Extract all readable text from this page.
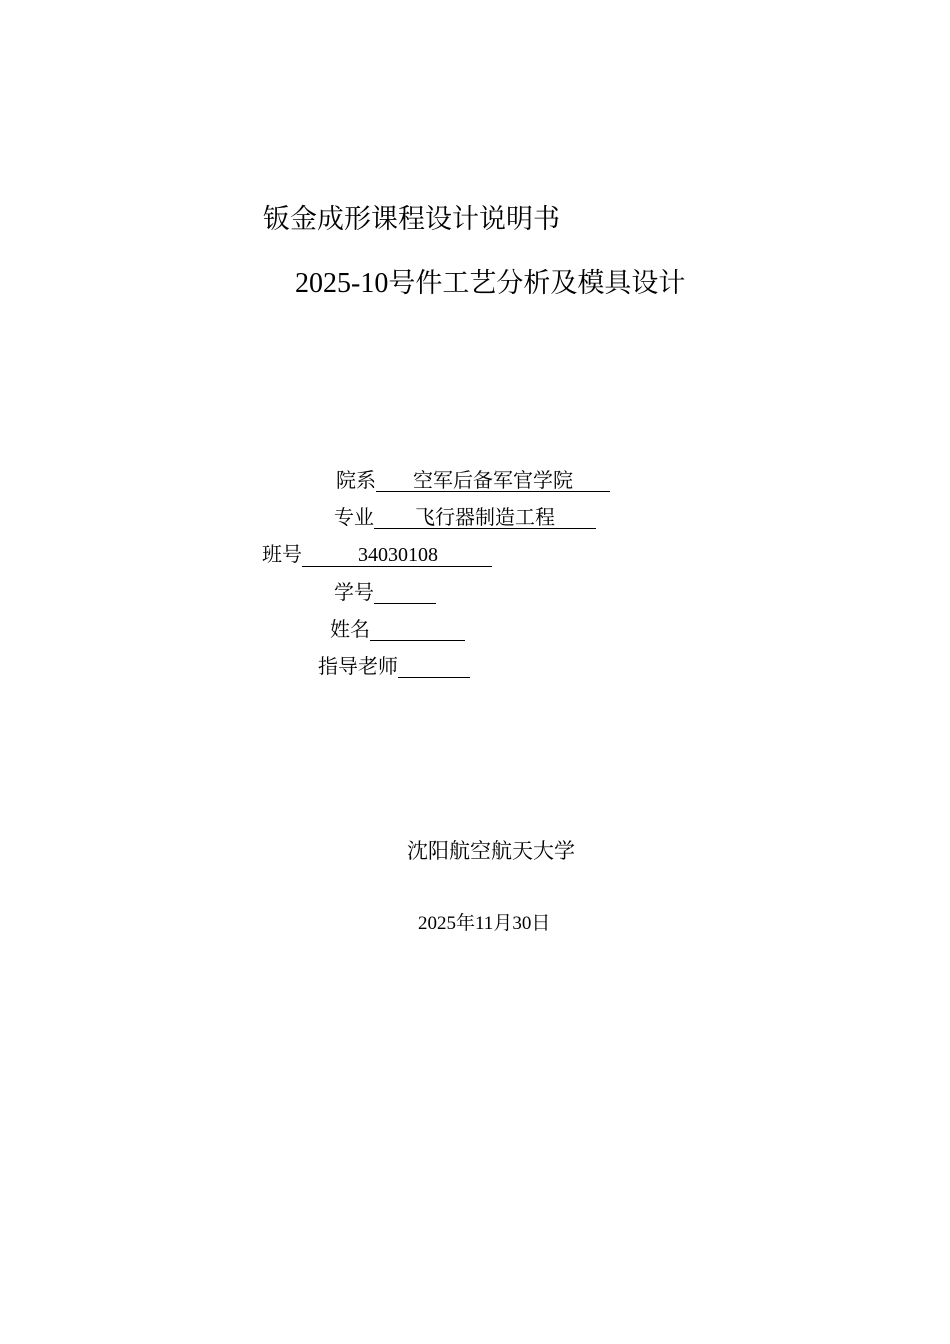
钣金成形课程设计说明书
2025-10号件工艺分析及模具设计
院系 空军后备军官学院
专业 飞行器制造工程
班号	34030108
学号
姓名
指导老师
沈阳航空航天大学
2025年11月30日
